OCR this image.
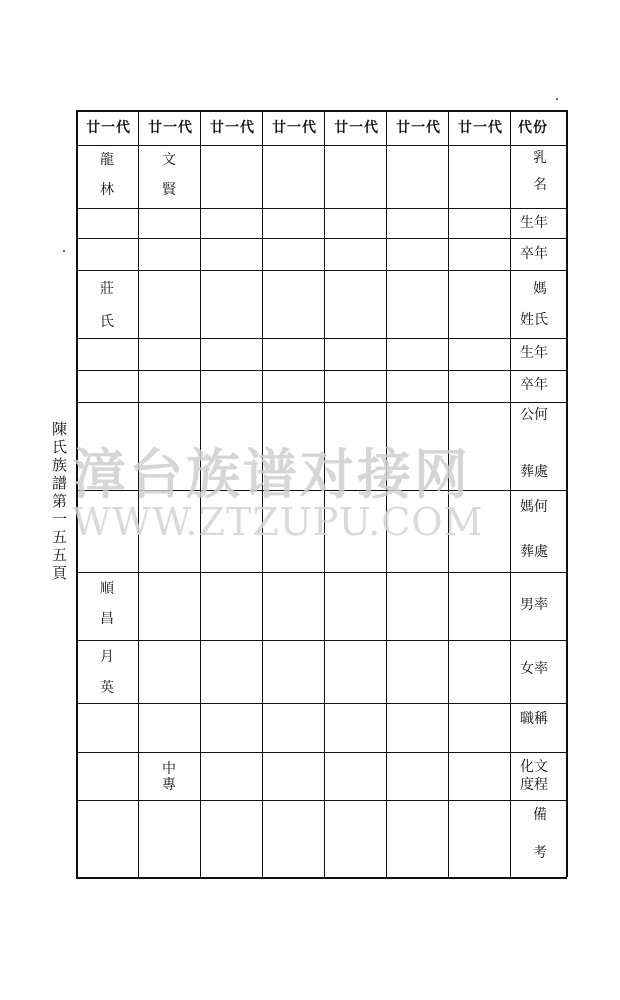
代份
廿一代 廿一代 廿一代 廿一代 廿一代 廿一代 廿一代
乳
名
生年
卒年
媽
姓氏
生年
卒年
公何
葬處
媽何
葬處
男率
女率
職稱
化文
度程
備
考
龍
林
莊
氏
順
昌
月
英
文
賢
中
專
陳
氏
族
譜
第
一
五
五
頁
漳台族谱对接网
WWW.ZTZUPU.COM
